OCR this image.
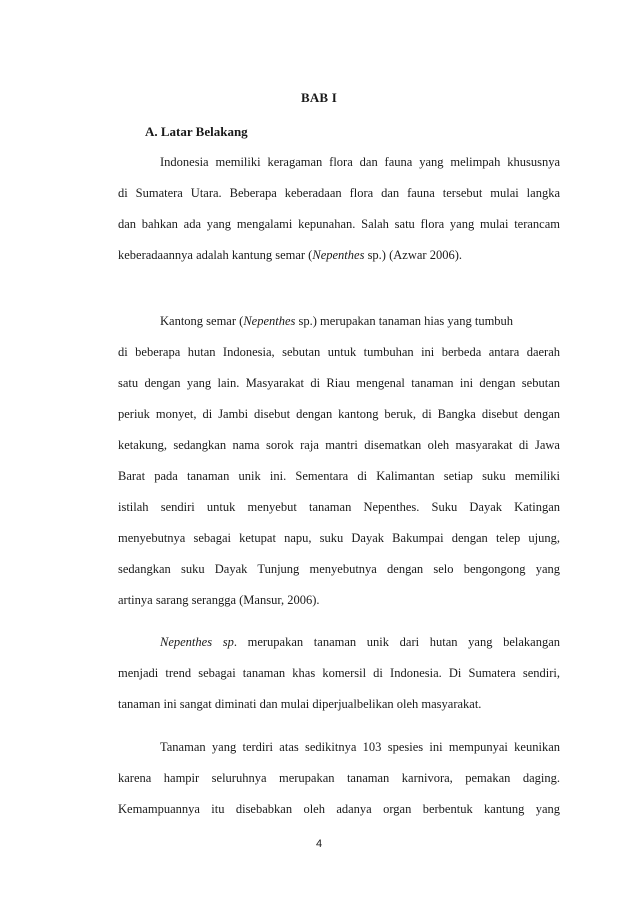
BAB I
A. Latar Belakang
Indonesia memiliki keragaman flora dan fauna yang melimpah khususnya
di Sumatera Utara. Beberapa keberadaan flora dan fauna tersebut mulai langka
dan bahkan ada yang mengalami kepunahan. Salah satu flora yang mulai terancam
keberadaannya adalah kantung semar (Nepenthes sp.) (Azwar 2006).
Kantong semar (Nepenthes sp.) merupakan tanaman hias yang tumbuh
di beberapa hutan Indonesia, sebutan untuk tumbuhan ini berbeda antara daerah
satu dengan yang lain. Masyarakat di Riau mengenal tanaman ini dengan sebutan
periuk monyet, di Jambi disebut dengan kantong beruk, di Bangka disebut dengan
ketakung, sedangkan nama sorok raja mantri disematkan oleh masyarakat di Jawa
Barat pada tanaman unik ini. Sementara di Kalimantan setiap suku memiliki
istilah sendiri untuk menyebut tanaman Nepenthes. Suku Dayak Katingan
menyebutnya sebagai ketupat napu, suku Dayak Bakumpai dengan telep ujung,
sedangkan suku Dayak Tunjung menyebutnya dengan selo bengongong yang
artinya sarang serangga (Mansur, 2006).
Nepenthes sp. merupakan tanaman unik dari hutan yang belakangan
menjadi trend sebagai tanaman khas komersil di Indonesia. Di Sumatera sendiri,
tanaman ini sangat diminati dan mulai diperjualbelikan oleh masyarakat.
Tanaman yang terdiri atas sedikitnya 103 spesies ini mempunyai keunikan
karena hampir seluruhnya merupakan tanaman karnivora, pemakan daging.
Kemampuannya itu disebabkan oleh adanya organ berbentuk kantung yang
4
